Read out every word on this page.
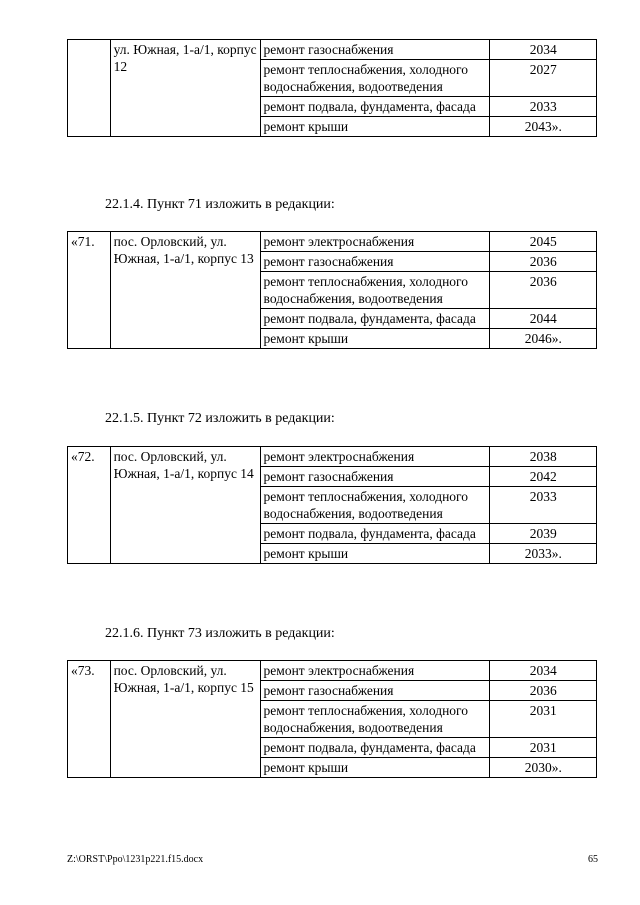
	ул. Южная, 1-а/1, корпус 12	ремонт газоснабжения	2034
		ремонт теплоснабжения, холодного водоснабжения, водоотведения	2027
		ремонт подвала, фундамента, фасада	2033
		ремонт крыши	2043».
22.1.4. Пункт 71 изложить в редакции:
«71.	пос. Орловский, ул. Южная, 1-а/1, корпус 13	ремонт электроснабжения	2045
		ремонт газоснабжения	2036
		ремонт теплоснабжения, холодного водоснабжения, водоотведения	2036
		ремонт подвала, фундамента, фасада	2044
		ремонт крыши	2046».
22.1.5. Пункт 72 изложить в редакции:
«72.	пос. Орловский, ул. Южная, 1-а/1, корпус 14	ремонт электроснабжения	2038
		ремонт газоснабжения	2042
		ремонт теплоснабжения, холодного водоснабжения, водоотведения	2033
		ремонт подвала, фундамента, фасада	2039
		ремонт крыши	2033».
22.1.6. Пункт 73 изложить в редакции:
«73.	пос. Орловский, ул. Южная, 1-а/1, корпус 15	ремонт электроснабжения	2034
		ремонт газоснабжения	2036
		ремонт теплоснабжения, холодного водоснабжения, водоотведения	2031
		ремонт подвала, фундамента, фасада	2031
		ремонт крыши	2030».
Z:\ORST\Ppo\1231p221.f15.docx	65
